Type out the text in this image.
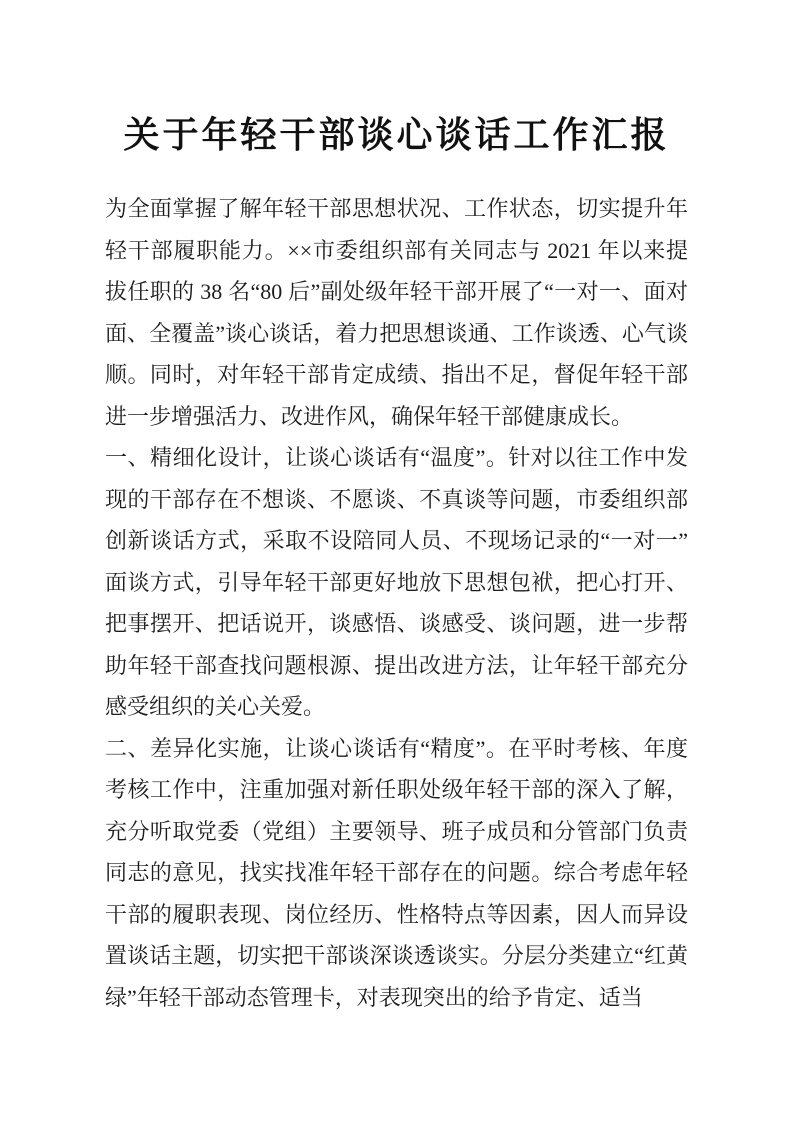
关于年轻干部谈心谈话工作汇报

为全面掌握了解年轻干部思想状况、工作状态，切实提升年轻干部履职能力。××市委组织部有关同志与 2021 年以来提拔任职的 38 名“80 后”副处级年轻干部开展了“一对一、面对面、全覆盖”谈心谈话，着力把思想谈通、工作谈透、心气谈顺。同时，对年轻干部肯定成绩、指出不足，督促年轻干部进一步增强活力、改进作风，确保年轻干部健康成长。

一、精细化设计，让谈心谈话有“温度”。针对以往工作中发现的干部存在不想谈、不愿谈、不真谈等问题，市委组织部创新谈话方式，采取不设陪同人员、不现场记录的“一对一”面谈方式，引导年轻干部更好地放下思想包袱，把心打开、把事摆开、把话说开，谈感悟、谈感受、谈问题，进一步帮助年轻干部查找问题根源、提出改进方法，让年轻干部充分感受组织的关心关爱。

二、差异化实施，让谈心谈话有“精度”。在平时考核、年度考核工作中，注重加强对新任职处级年轻干部的深入了解，充分听取党委（党组）主要领导、班子成员和分管部门负责同志的意见，找实找准年轻干部存在的问题。综合考虑年轻干部的履职表现、岗位经历、性格特点等因素，因人而异设置谈话主题，切实把干部谈深谈透谈实。分层分类建立“红黄绿”年轻干部动态管理卡，对表现突出的给予肯定、适当
